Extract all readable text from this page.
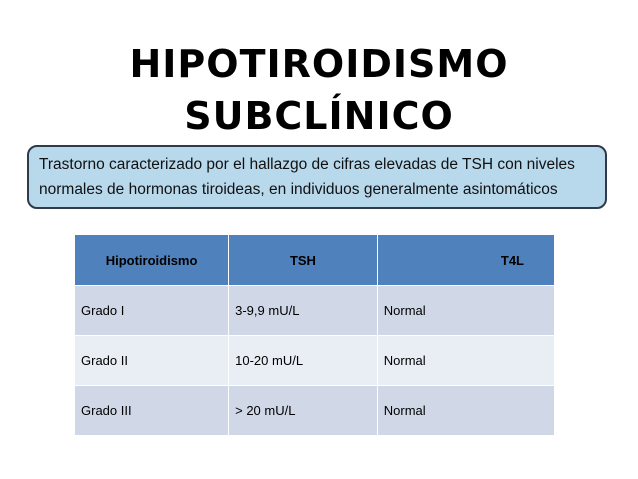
HIPOTIROIDISMO
SUBCLÍNICO
Trastorno caracterizado por el hallazgo de cifras elevadas de TSH con niveles
normales de hormonas tiroideas, en individuos generalmente asintomáticos
Hipotiroidismo	TSH	T4L
Grado I	3-9,9 mU/L	Normal
Grado II	10-20 mU/L	Normal
Grado III	> 20 mU/L	Normal
